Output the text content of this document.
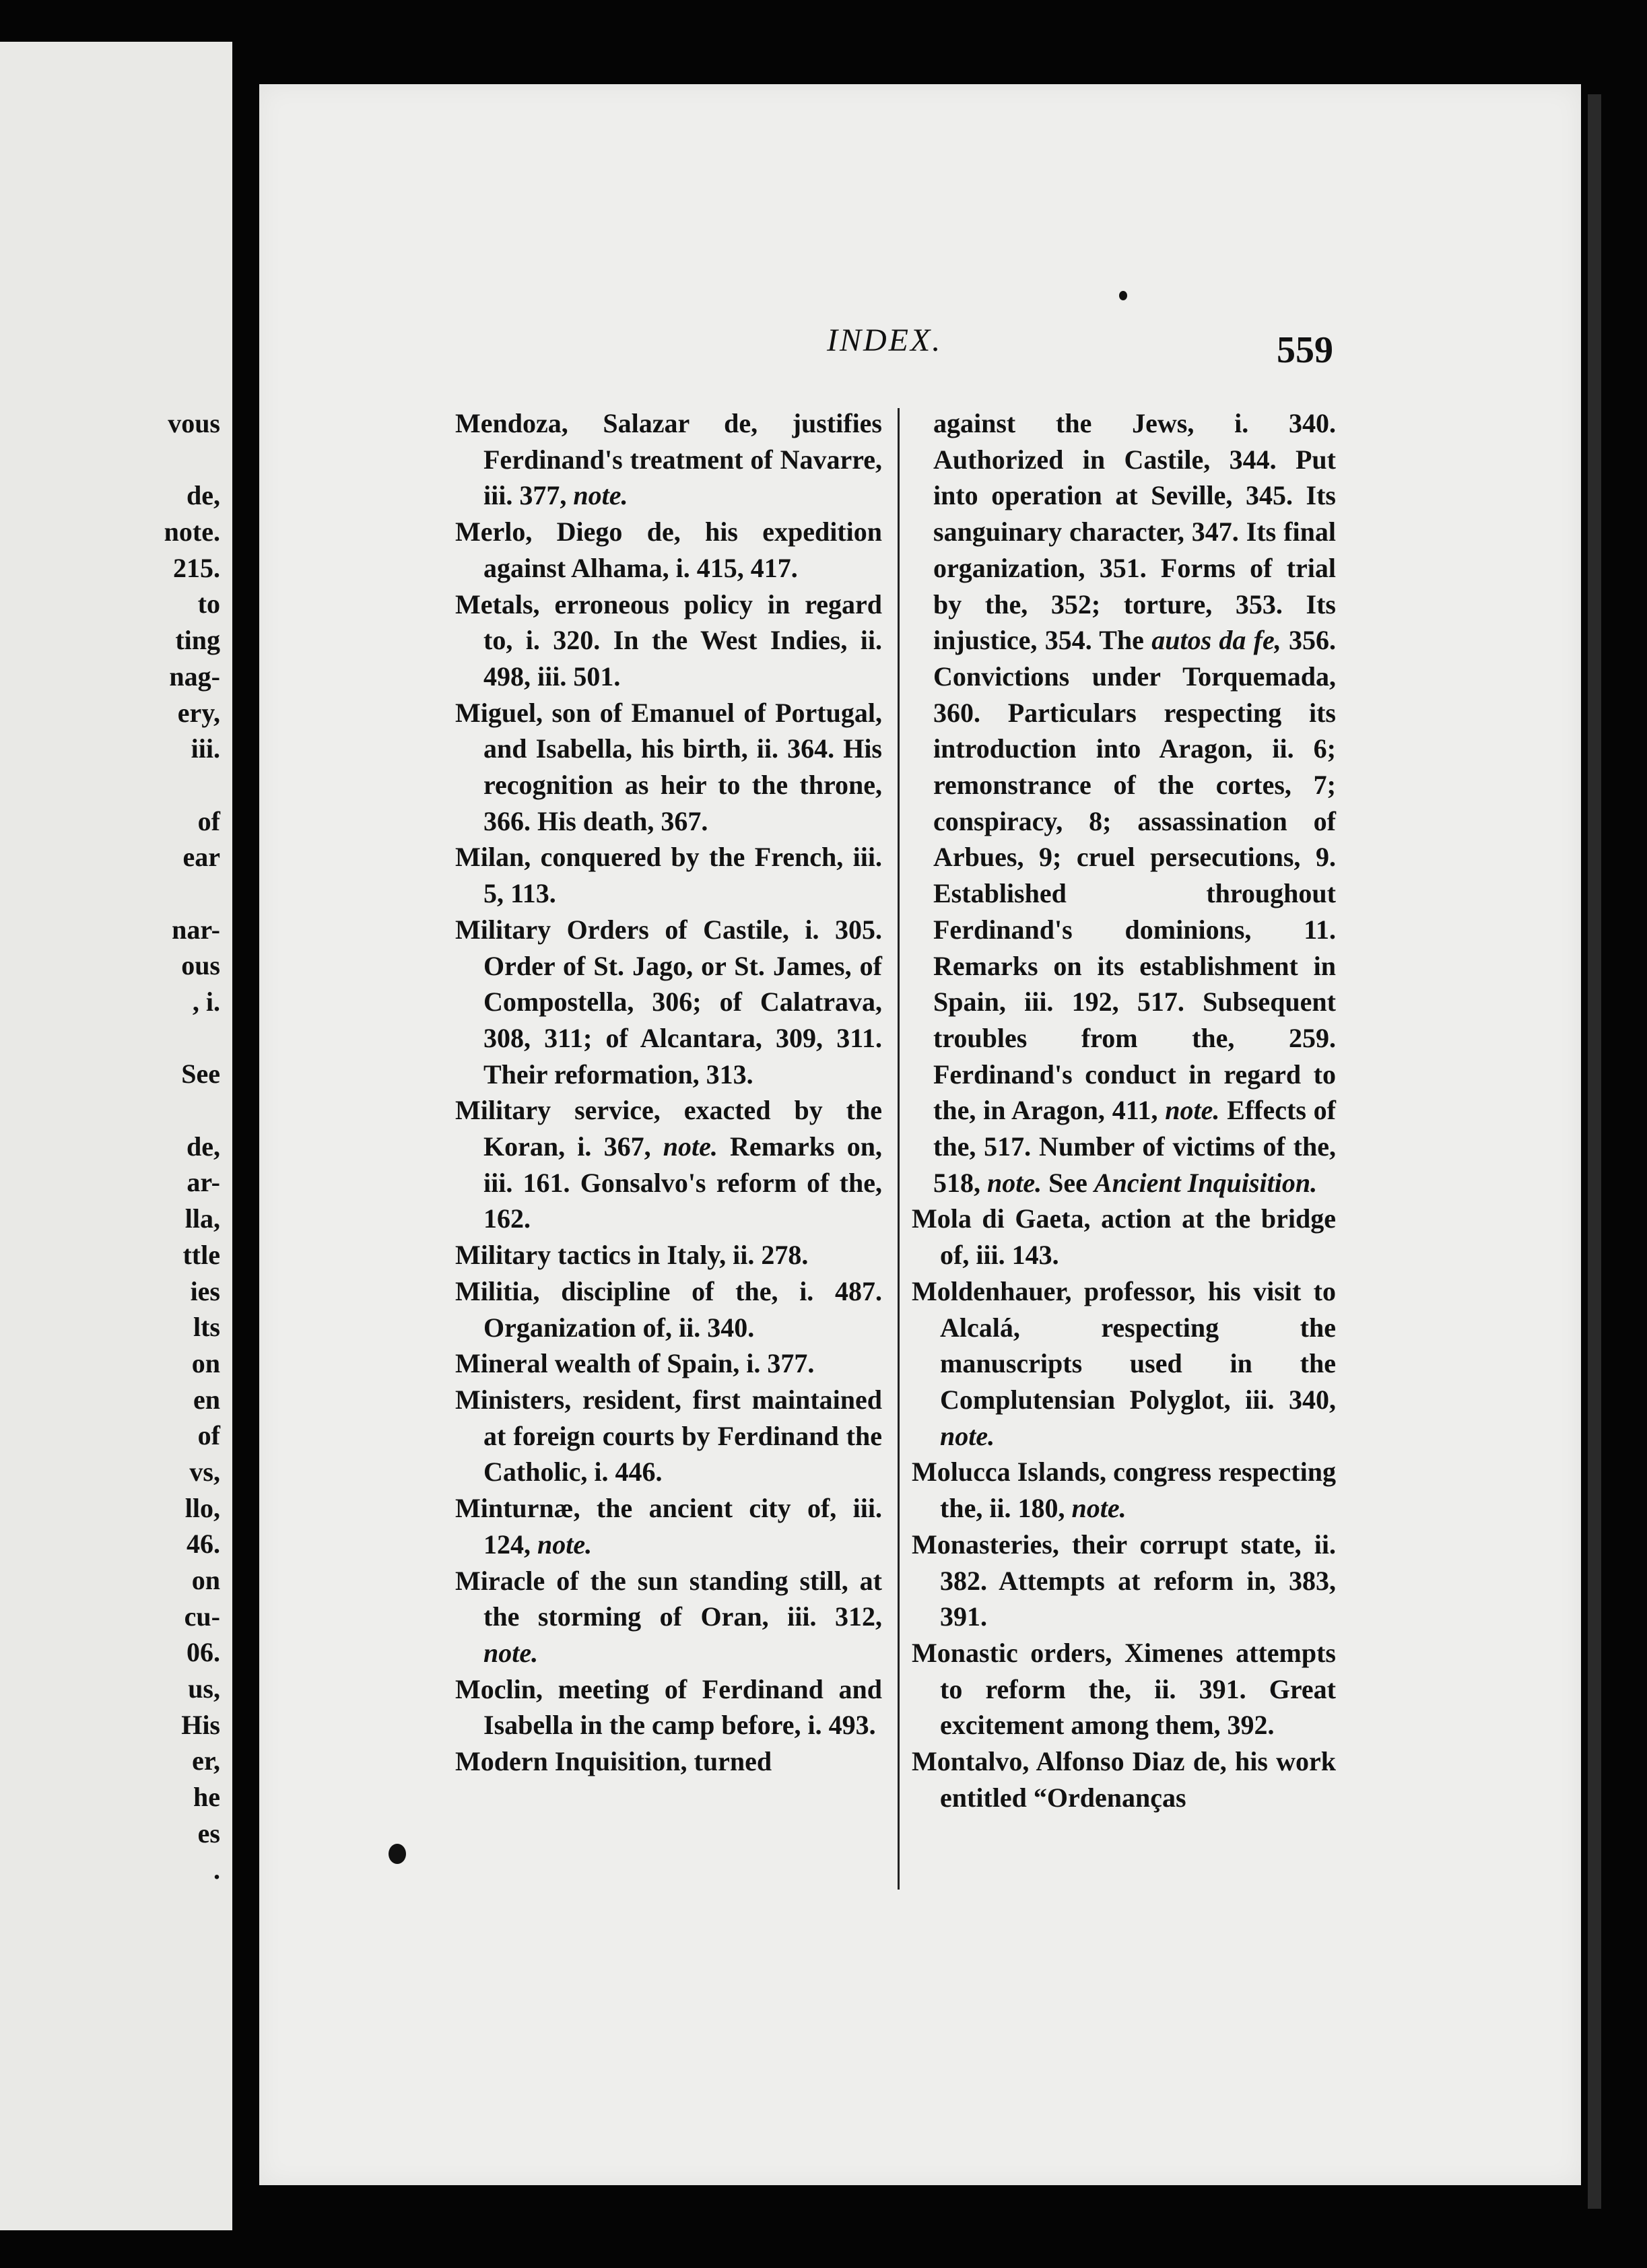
vous
de,
note.
215.
to
ting
nag-
ery,
iii.
of
ear
nar-
ous
, i.
See
de,
ar-
lla,
ttle
ies
lts
on
en
of
vs,
llo,
46.
on
cu-
06.
us,
His
er,
he
es
.
INDEX.	559
Mendoza, Salazar de, justifies Ferdinand's treatment of Navarre, iii. 377, note.
Merlo, Diego de, his expedition against Alhama, i. 415, 417.
Metals, erroneous policy in regard to, i. 320. In the West Indies, ii. 498, iii. 501.
Miguel, son of Emanuel of Portugal, and Isabella, his birth, ii. 364. His recognition as heir to the throne, 366. His death, 367.
Milan, conquered by the French, iii. 5, 113.
Military Orders of Castile, i. 305. Order of St. Jago, or St. James, of Compostella, 306; of Calatrava, 308, 311; of Alcantara, 309, 311. Their reformation, 313.
Military service, exacted by the Koran, i. 367, note. Remarks on, iii. 161. Gonsalvo's reform of the, 162.
Military tactics in Italy, ii. 278.
Militia, discipline of the, i. 487. Organization of, ii. 340.
Mineral wealth of Spain, i. 377.
Ministers, resident, first maintained at foreign courts by Ferdinand the Catholic, i. 446.
Minturnæ, the ancient city of, iii. 124, note.
Miracle of the sun standing still, at the storming of Oran, iii. 312, note.
Moclin, meeting of Ferdinand and Isabella in the camp before, i. 493.
Modern Inquisition, turned
against the Jews, i. 340. Authorized in Castile, 344. Put into operation at Seville, 345. Its sanguinary character, 347. Its final organization, 351. Forms of trial by the, 352; torture, 353. Its injustice, 354. The autos da fe, 356. Convictions under Torquemada, 360. Particulars respecting its introduction into Aragon, ii. 6; remonstrance of the cortes, 7; conspiracy, 8; assassination of Arbues, 9; cruel persecutions, 9. Established throughout Ferdinand's dominions, 11. Remarks on its establishment in Spain, iii. 192, 517. Subsequent troubles from the, 259. Ferdinand's conduct in regard to the, in Aragon, 411, note. Effects of the, 517. Number of victims of the, 518, note. See Ancient Inquisition.
Mola di Gaeta, action at the bridge of, iii. 143.
Moldenhauer, professor, his visit to Alcalá, respecting the manuscripts used in the Complutensian Polyglot, iii. 340, note.
Molucca Islands, congress respecting the, ii. 180, note.
Monasteries, their corrupt state, ii. 382. Attempts at reform in, 383, 391.
Monastic orders, Ximenes attempts to reform the, ii. 391. Great excitement among them, 392.
Montalvo, Alfonso Diaz de, his work entitled “Ordenanças
